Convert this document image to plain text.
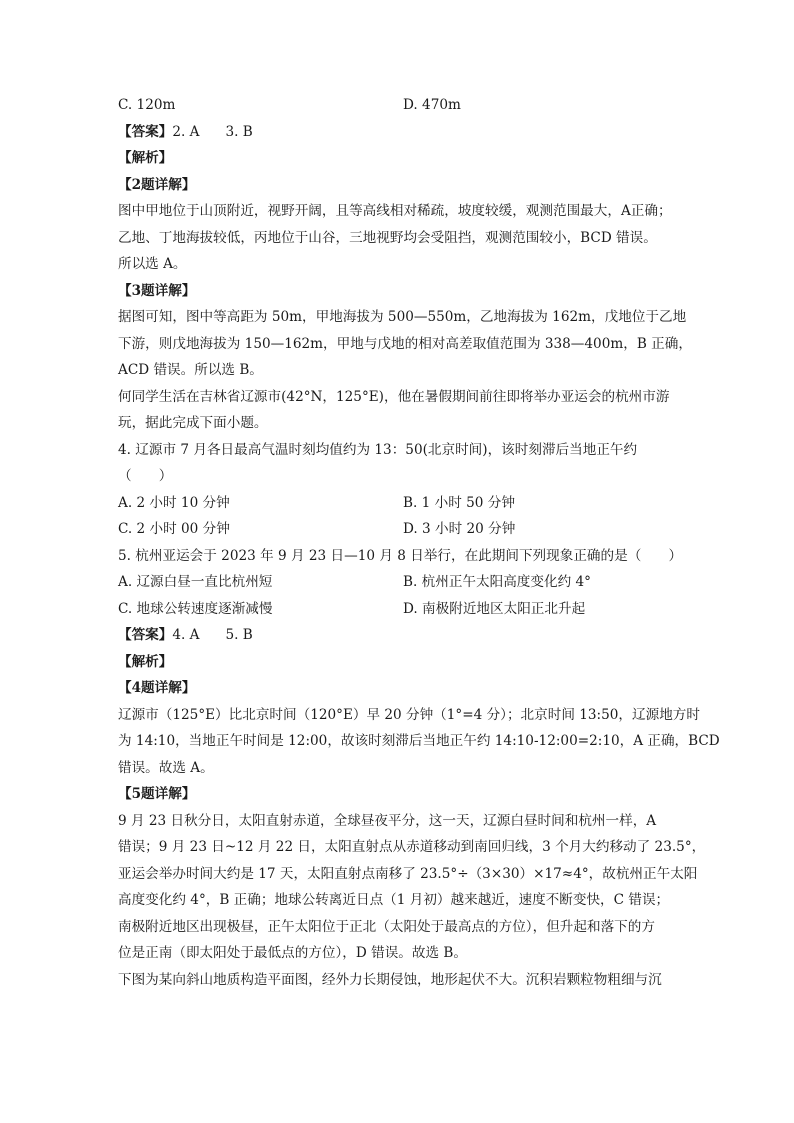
C. 120m	D. 470m
【答案】2. A 3. B
【解析】
【2题详解】
图中甲地位于山顶附近，视野开阔，且等高线相对稀疏，坡度较缓，观测范围最大，A正确；
乙地、丁地海拔较低，丙地位于山谷，三地视野均会受阻挡，观测范围较小，BCD 错误。
所以选 A。
【3题详解】
据图可知，图中等高距为 50m，甲地海拔为 500—550m，乙地海拔为 162m，戊地位于乙地
下游，则戊地海拔为 150—162m，甲地与戊地的相对高差取值范围为 338—400m，B 正确，
ACD 错误。所以选 B。
何同学生活在吉林省辽源市(42°N，125°E)，他在暑假期间前往即将举办亚运会的杭州市游
玩，据此完成下面小题。
4. 辽源市 7 月各日最高气温时刻均值约为 13：50(北京时间)，该时刻滞后当地正午约
（　　）
A. 2 小时 10 分钟	B. 1 小时 50 分钟
C. 2 小时 00 分钟	D. 3 小时 20 分钟
5. 杭州亚运会于 2023 年 9 月 23 日—10 月 8 日举行，在此期间下列现象正确的是（　　）
A. 辽源白昼一直比杭州短	B. 杭州正午太阳高度变化约 4°
C. 地球公转速度逐渐减慢	D. 南极附近地区太阳正北升起
【答案】4. A 5. B
【解析】
【4题详解】
辽源市（125°E）比北京时间（120°E）早 20 分钟（1°=4 分）；北京时间 13:50，辽源地方时
为 14:10，当地正午时间是 12:00，故该时刻滞后当地正午约 14:10-12:00=2:10，A 正确，BCD
错误。故选 A。
【5题详解】
9 月 23 日秋分日，太阳直射赤道，全球昼夜平分，这一天，辽源白昼时间和杭州一样，A
错误；9 月 23 日~12 月 22 日，太阳直射点从赤道移动到南回归线，3 个月大约移动了 23.5°，
亚运会举办时间大约是 17 天，太阳直射点南移了 23.5°÷（3×30）×17≈4°，故杭州正午太阳
高度变化约 4°，B 正确；地球公转离近日点（1 月初）越来越近，速度不断变快，C 错误；
南极附近地区出现极昼，正午太阳位于正北（太阳处于最高点的方位），但升起和落下的方
位是正南（即太阳处于最低点的方位），D 错误。故选 B。
下图为某向斜山地质构造平面图，经外力长期侵蚀，地形起伏不大。沉积岩颗粒物粗细与沉
